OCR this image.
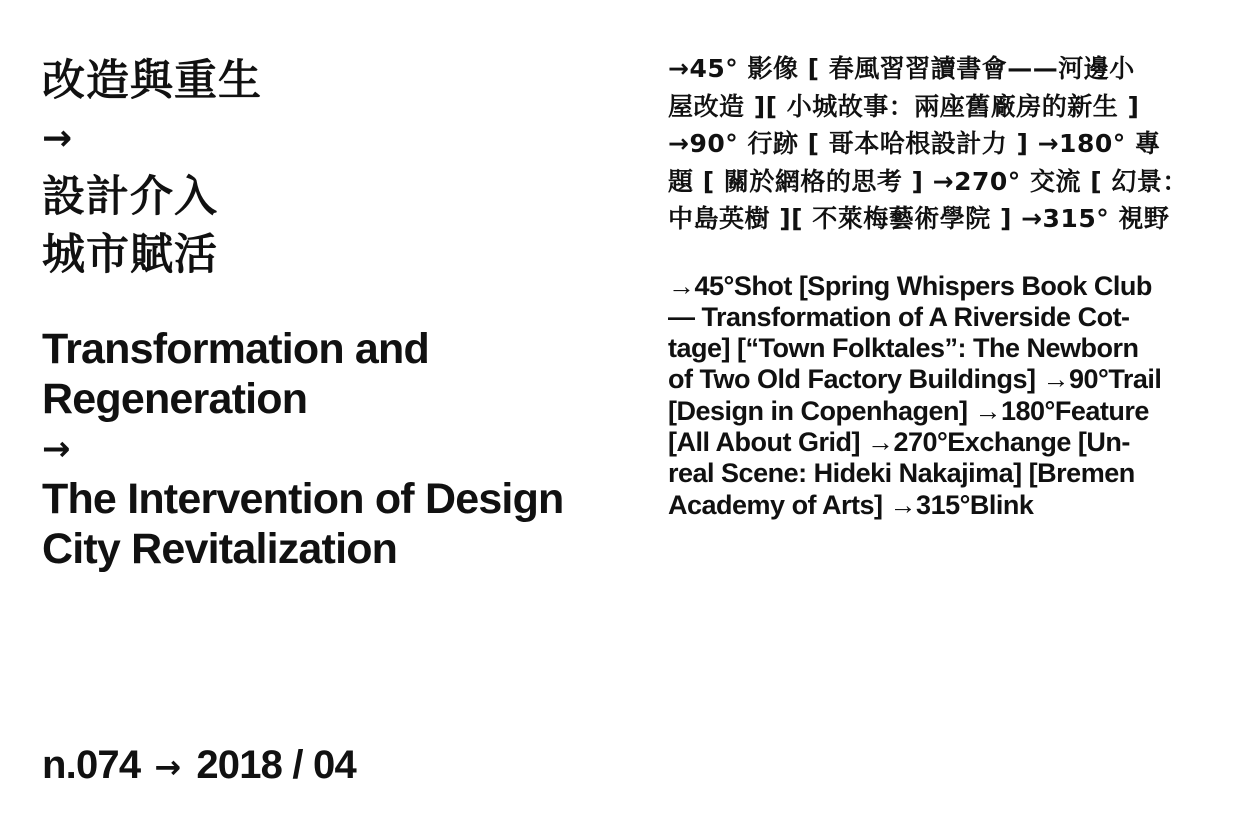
改造與重生
→
設計介入
城市賦活
Transformation and
Regeneration
→
The Intervention of Design
City Revitalization
n.074 → 2018 / 04
→45° 影像 [ 春風習習讀書會——河邊小
屋改造 ][ 小城故事：兩座舊廠房的新生 ]
→90° 行跡 [ 哥本哈根設計力 ] →180° 專
題 [ 關於網格的思考 ] →270° 交流 [ 幻景：
中島英樹 ][ 不萊梅藝術學院 ] →315° 視野
→45°Shot [Spring Whispers Book Club
— Transformation of A Riverside Cot-
tage] [“Town Folktales”: The Newborn
of Two Old Factory Buildings] →90°Trail
[Design in Copenhagen] →180°Feature
[All About Grid] →270°Exchange [Un-
real Scene: Hideki Nakajima] [Bremen
Academy of Arts] →315°Blink
